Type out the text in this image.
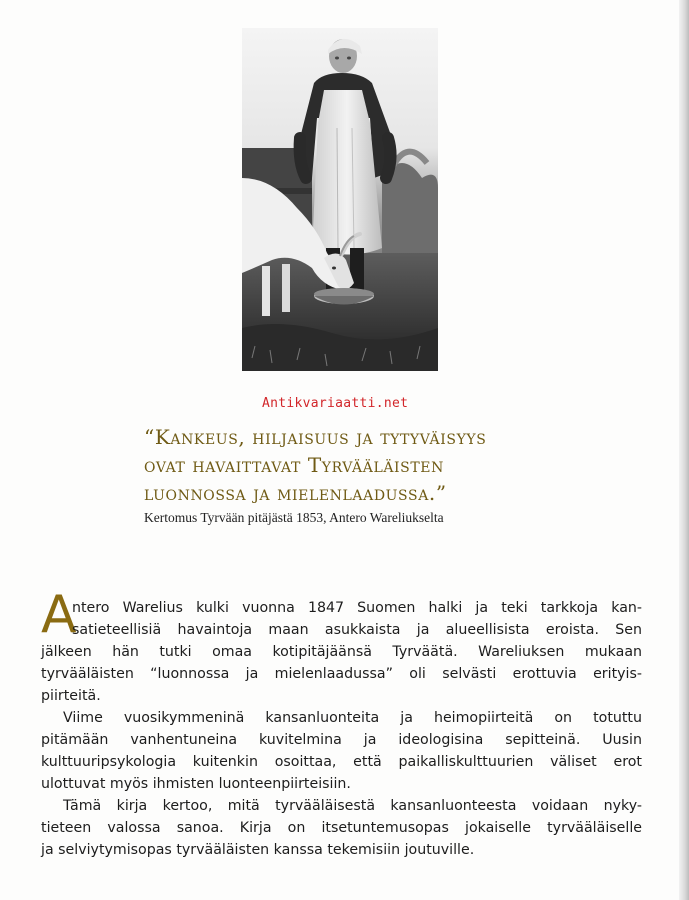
Antikvariaatti.net
“Kankeus, hiljaisuus ja tytyväisyys
ovat havaittavat Tyrvääläisten
luonnossa ja mielenlaadussa.”
Kertomus Tyrvään pitäjästä 1853, Antero Wareliukselta
A
ntero Warelius kulki vuonna 1847 Suomen halki ja teki tarkkoja kan-
satieteellisiä havaintoja maan asukkaista ja alueellisista eroista. Sen
jälkeen hän tutki omaa kotipitäjäänsä Tyrväätä. Wareliuksen mukaan
tyrvääläisten “luonnossa ja mielenlaadussa” oli selvästi erottuvia erityis-
piirteitä.
Viime vuosikymmeninä kansanluonteita ja heimopiirteitä on totuttu
pitämään vanhentuneina kuvitelmina ja ideologisina sepitteinä. Uusin
kulttuuripsykologia kuitenkin osoittaa, että paikalliskulttuurien väliset erot
ulottuvat myös ihmisten luonteenpiirteisiin.
Tämä kirja kertoo, mitä tyrvääläisestä kansanluonteesta voidaan nyky-
tieteen valossa sanoa. Kirja on itsetuntemusopas jokaiselle tyrvääläiselle
ja selviytymisopas tyrvääläisten kanssa tekemisiin joutuville.
